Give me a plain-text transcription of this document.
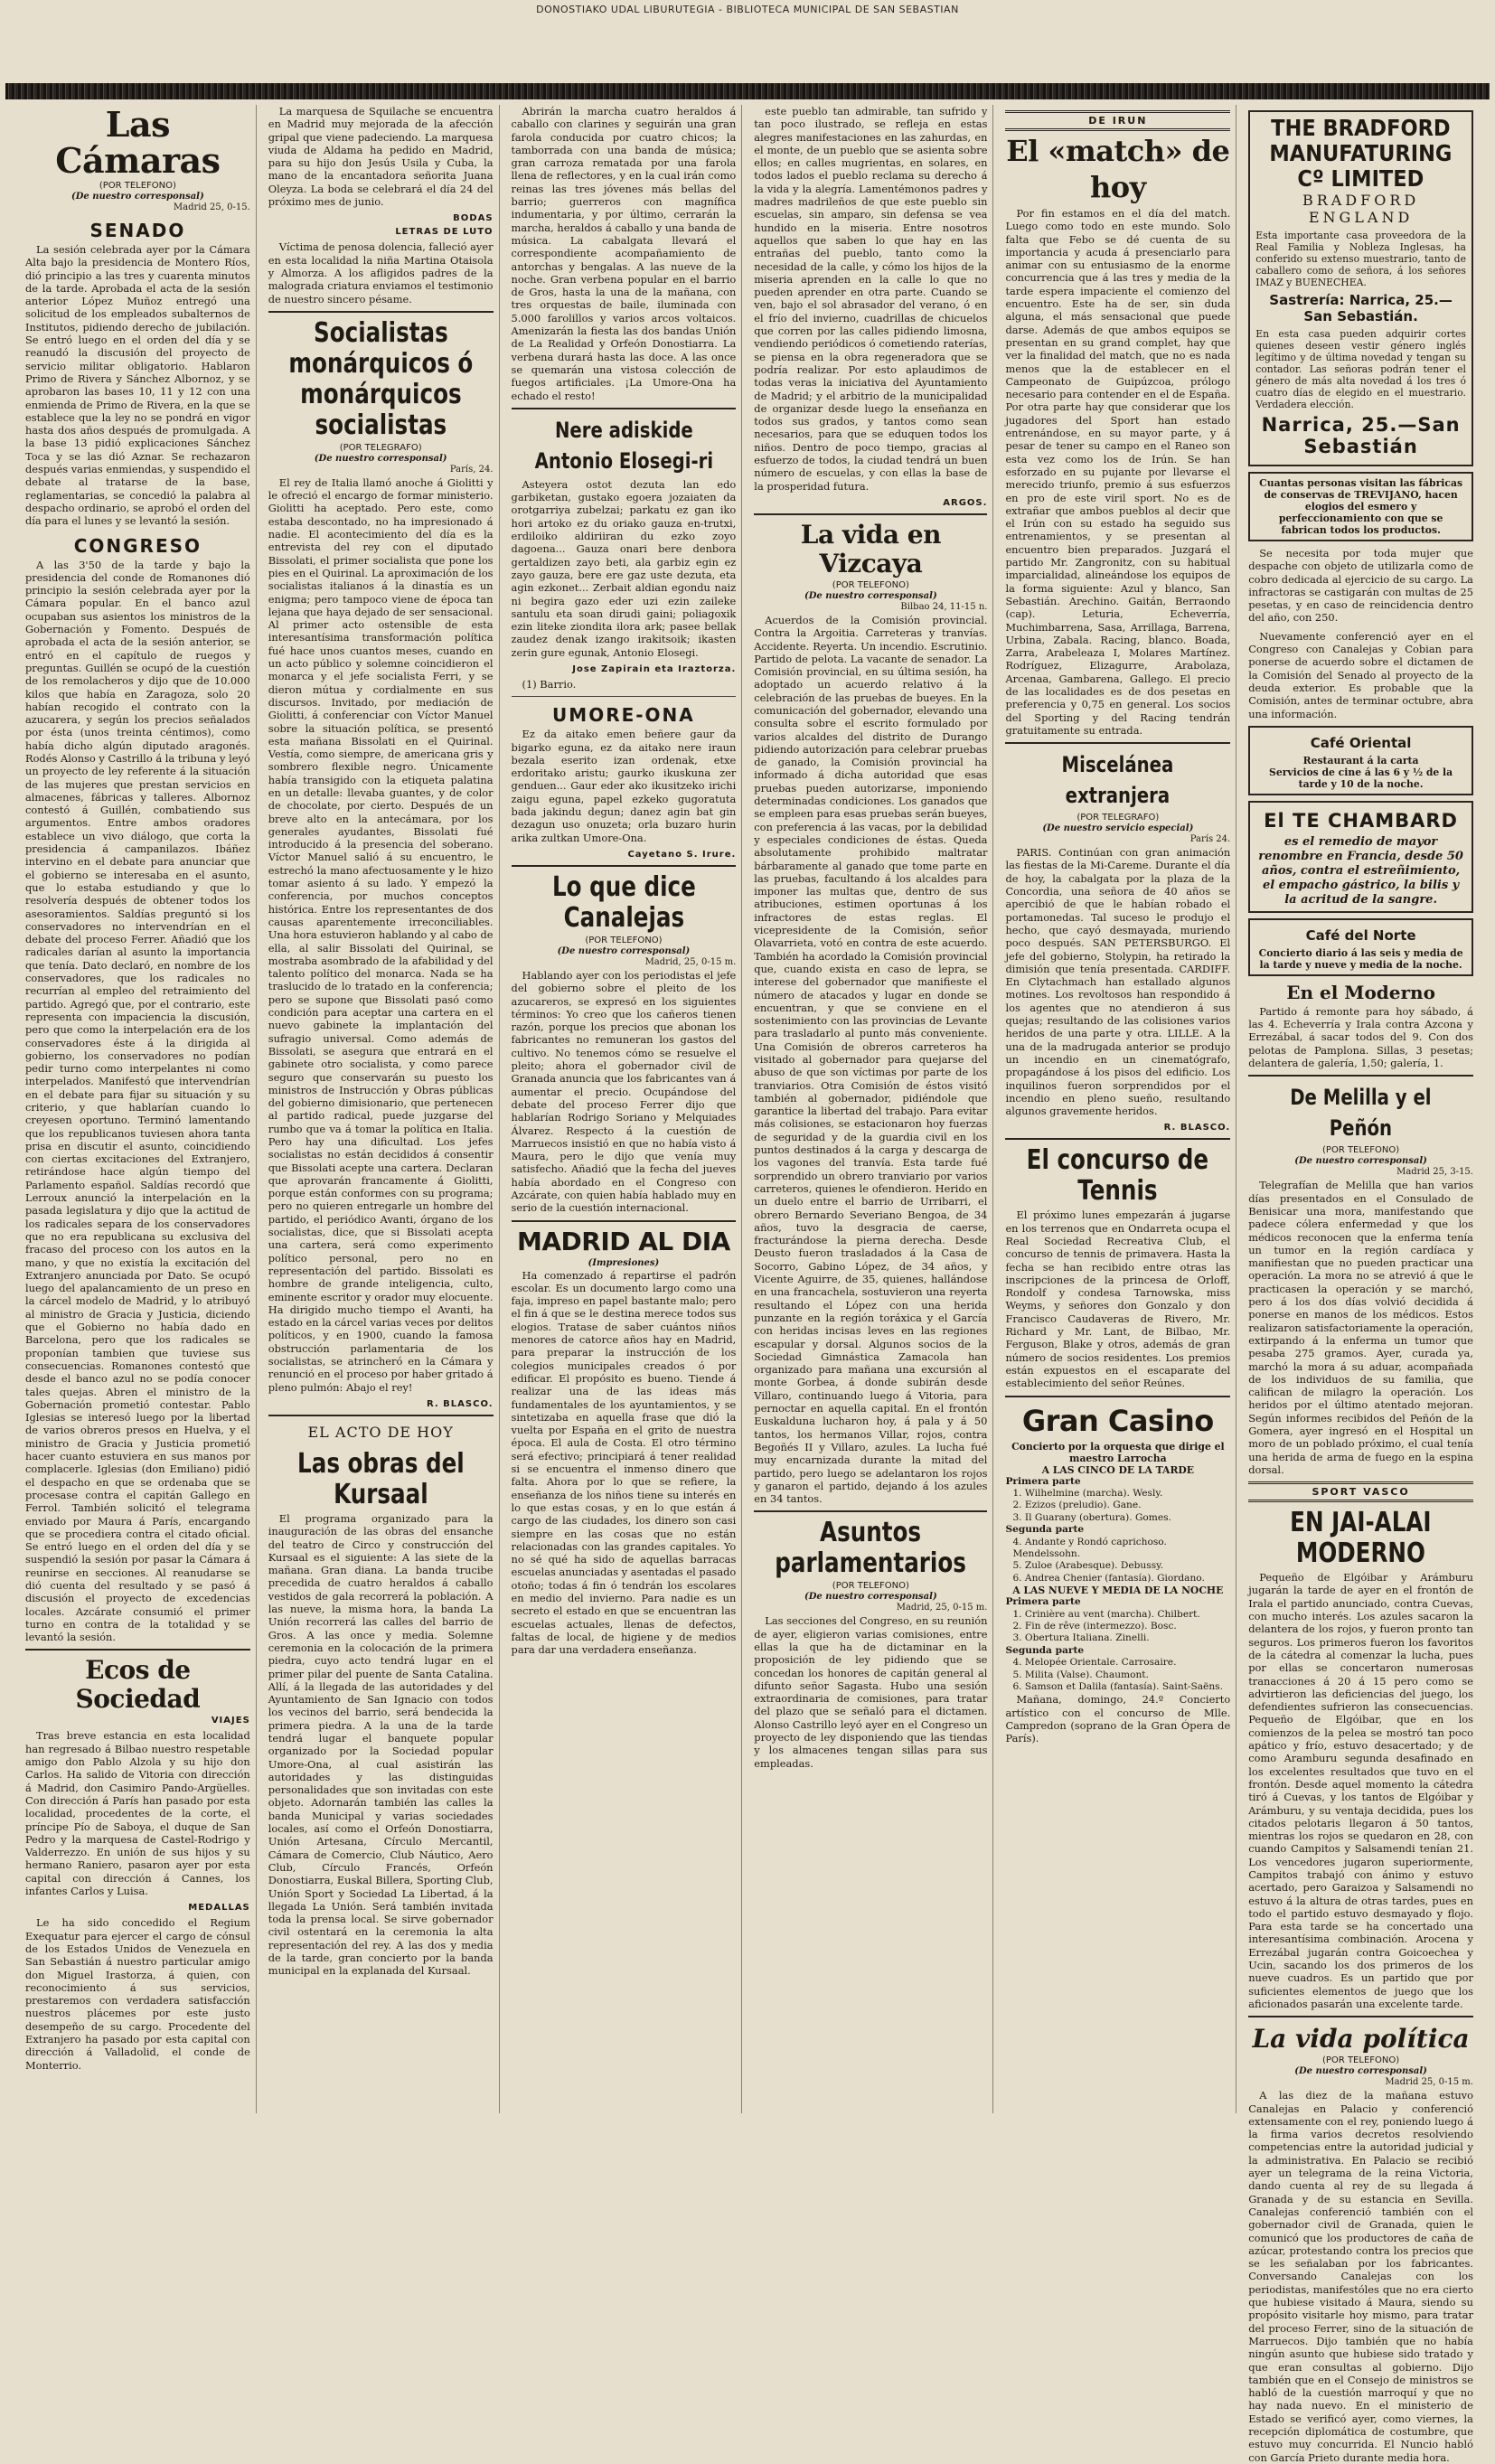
DONOSTIAKO UDAL LIBURUTEGIA - BIBLIOTECA MUNICIPAL DE SAN SEBASTIAN
Las Cámaras

(POR TELEFONO)

(De nuestro corresponsal)

Madrid 25, 0-15.

SENADO
La sesión celebrada ayer por la Cámara Alta bajo la presidencia de Montero Ríos, dió principio a las tres y cuarenta minutos de la tarde. Aprobada el acta de la sesión anterior López Muñoz entregó una solicitud de los empleados subalternos de Institutos, pidiendo derecho de jubilación. Se entró luego en el orden del día y se reanudó la discusión del proyecto de servicio militar obligatorio. Hablaron Primo de Rivera y Sánchez Albornoz, y se aprobaron las bases 10, 11 y 12 con una enmienda de Primo de Rivera, en la que se establece que la ley no se pondrá en vigor hasta dos años después de promulgada. A la base 13 pidió explicaciones Sánchez Toca y se las dió Aznar. Se rechazaron después varias enmiendas, y suspendido el debate al tratarse de la base, reglamentarias, se concedió la palabra al despacho ordinario, se aprobó el orden del día para el lunes y se levantó la sesión.
CONGRESO
A las 3'50 de la tarde y bajo la presidencia del conde de Romanones dió principio la sesión celebrada ayer por la Cámara popular. En el banco azul ocupaban sus asientos los ministros de la Gobernación y Fomento. Después de aprobada el acta de la sesión anterior, se entró en el capítulo de ruegos y preguntas. Guillén se ocupó de la cuestión de los remolacheros y dijo que de 10.000 kilos que había en Zaragoza, solo 20 habían recogido el contrato con la azucarera, y según los precios señalados por ésta (unos treinta céntimos), como había dicho algún diputado aragonés. Rodés Alonso y Castrillo á la tribuna y leyó un proyecto de ley referente á la situación de las mujeres que prestan servicios en almacenes, fábricas y talleres. Albornoz contestó á Guillén, combatiendo sus argumentos. Entre ambos oradores establece un vivo diálogo, que corta la presidencia á campanilazos. Ibáñez intervino en el debate para anunciar que el gobierno se interesaba en el asunto, que lo estaba estudiando y que lo resolvería después de obtener todos los asesoramientos. Saldías preguntó si los conservadores no intervendrían en el debate del proceso Ferrer. Añadió que los radicales darían al asunto la importancia que tenía. Dato declaró, en nombre de los conservadores, que los radicales no recurrían al empleo del retraimiento del partido. Agregó que, por el contrario, este representa con impaciencia la discusión, pero que como la interpelación era de los conservadores éste á la dirigida al gobierno, los conservadores no podían pedir turno como interpelantes ni como interpelados. Manifestó que intervendrían en el debate para fijar su situación y su criterio, y que hablarían cuando lo creyesen oportuno. Terminó lamentando que los republicanos tuviesen ahora tanta prisa en discutir el asunto, coincidiendo con ciertas excitaciones del Extranjero, retirándose hace algún tiempo del Parlamento español. Saldías recordó que Lerroux anunció la interpelación en la pasada legislatura y dijo que la actitud de los radicales separa de los conservadores que no era republicana su exclusiva del fracaso del proceso con los autos en la mano, y que no existía la excitación del Extranjero anunciada por Dato. Se ocupó luego del apalancamiento de un preso en la cárcel modelo de Madrid, y lo atribuyó al ministro de Gracia y Justicia, diciendo que el Gobierno no había dado en Barcelona, pero que los radicales se proponían tambien que tuviese sus consecuencias. Romanones contestó que desde el banco azul no se podía conocer tales quejas. Abren el ministro de la Gobernación prometió contestar. Pablo Iglesias se interesó luego por la libertad de varios obreros presos en Huelva, y el ministro de Gracia y Justicia prometió hacer cuanto estuviera en sus manos por complacerle. Iglesias (don Emiliano) pidió el despacho en que se ordenaba que se procesase contra el capitán Gallego en Ferrol. También solicitó el telegrama enviado por Maura á París, encargando que se procediera contra el citado oficial. Se entró luego en el orden del día y se suspendió la sesión por pasar la Cámara á reunirse en secciones. Al reanudarse se dió cuenta del resultado y se pasó á discusión el proyecto de excedencias locales. Azcárate consumió el primer turno en contra de la totalidad y se levantó la sesión.
Ecos de Sociedad

VIAJES

Tras breve estancia en esta localidad han regresado á Bilbao nuestro respetable amigo don Pablo Alzola y su hijo don Carlos. Ha salido de Vitoria con dirección á Madrid, don Casimiro Pando-Argüelles. Con dirección á París han pasado por esta localidad, procedentes de la corte, el príncipe Pío de Saboya, el duque de San Pedro y la marquesa de Castel-Rodrigo y Valderrezzo. En unión de sus hijos y su hermano Raniero, pasaron ayer por esta capital con dirección á Cannes, los infantes Carlos y Luisa.

MEDALLAS

Le ha sido concedido el Regium Exequatur para ejercer el cargo de cónsul de los Estados Unidos de Venezuela en San Sebastián á nuestro particular amigo don Miguel Irastorza, á quien, con reconocimiento á sus servicios, prestaremos con verdadera satisfacción nuestros plácemes por este justo desempeño de su cargo. Procedente del Extranjero ha pasado por esta capital con dirección á Valladolid, el conde de Monterrio.
La marquesa de Squilache se encuentra en Madrid muy mejorada de la afección gripal que viene padeciendo. La marquesa viuda de Aldama ha pedido en Madrid, para su hijo don Jesús Usila y Cuba, la mano de la encantadora señorita Juana Oleyza. La boda se celebrará el día 24 del próximo mes de junio.

BODAS

LETRAS DE LUTO

Víctima de penosa dolencia, falleció ayer en esta localidad la niña Martina Otaisola y Almorza. A los afligidos padres de la malograda criatura enviamos el testimonio de nuestro sincero pésame.
Socialistas monárquicos ó monárquicos socialistas

(POR TELEGRAFO)

(De nuestro corresponsal)

París, 24.

El rey de Italia llamó anoche á Giolitti y le ofreció el encargo de formar ministerio. Giolitti ha aceptado. Pero este, como estaba descontado, no ha impresionado á nadie. El acontecimiento del día es la entrevista del rey con el diputado Bissolati, el primer socialista que pone los pies en el Quirinal. La aproximación de los socialistas italianos á la dinastía es un enigma; pero tampoco viene de época tan lejana que haya dejado de ser sensacional. Al primer acto ostensible de esta interesantísima transformación política fué hace unos cuantos meses, cuando en un acto público y solemne coincidieron el monarca y el jefe socialista Ferri, y se dieron mútua y cordialmente en sus discursos. Invitado, por mediación de Giolitti, á conferenciar con Víctor Manuel sobre la situación política, se presentó esta mañana Bissolati en el Quirinal. Vestía, como siempre, de americana gris y sombrero flexible negro. Únicamente había transigido con la etiqueta palatina en un detalle: llevaba guantes, y de color de chocolate, por cierto. Después de un breve alto en la antecámara, por los generales ayudantes, Bissolati fué introducido á la presencia del soberano. Víctor Manuel salió á su encuentro, le estrechó la mano afectuosamente y le hizo tomar asiento á su lado. Y empezó la conferencia, por muchos conceptos histórica. Entre los representantes de dos causas aparentemente irreconciliables. Una hora estuvieron hablando y al cabo de ella, al salir Bissolati del Quirinal, se mostraba asombrado de la afabilidad y del talento político del monarca. Nada se ha traslucido de lo tratado en la conferencia; pero se supone que Bissolati pasó como condición para aceptar una cartera en el nuevo gabinete la implantación del sufragio universal. Como además de Bissolati, se asegura que entrará en el gabinete otro socialista, y como parece seguro que conservarán su puesto los ministros de Instrucción y Obras públicas del gobierno dimisionario, que pertenecen al partido radical, puede juzgarse del rumbo que va á tomar la política en Italia. Pero hay una dificultad. Los jefes socialistas no están decididos á consentir que Bissolati acepte una cartera. Declaran que aprovarán francamente á Giolitti, porque están conformes con su programa; pero no quieren entregarle un hombre del partido, el periódico Avanti, órgano de los socialistas, dice, que si Bissolati acepta una cartera, será como experimento político personal, pero no en representación del partido. Bissolati es hombre de grande inteligencia, culto, eminente escritor y orador muy elocuente. Ha dirigido mucho tiempo el Avanti, ha estado en la cárcel varias veces por delitos políticos, y en 1900, cuando la famosa obstrucción parlamentaria de los socialistas, se atrincheró en la Cámara y renunció en el proceso por haber gritado á pleno pulmón: Abajo el rey!

R. BLASCO.

EL ACTO DE HOY
Las obras del Kursaal
El programa organizado para la inauguración de las obras del ensanche del teatro de Circo y construcción del Kursaal es el siguiente: A las siete de la mañana. Gran diana. La banda trucibe precedida de cuatro heraldos á caballo vestidos de gala recorrerá la población. A las nueve, la misma hora, la banda La Unión recorrerá las calles del barrio de Gros. A las once y media. Solemne ceremonia en la colocación de la primera piedra, cuyo acto tendrá lugar en el primer pilar del puente de Santa Catalina. Allí, á la llegada de las autoridades y del Ayuntamiento de San Ignacio con todos los vecinos del barrio, será bendecida la primera piedra. A la una de la tarde tendrá lugar el banquete popular organizado por la Sociedad popular Umore-Ona, al cual asistirán las autoridades y las distinguidas personalidades que son invitadas con este objeto. Adornarán también las calles la banda Municipal y varias sociedades locales, así como el Orfeón Donostiarra, Unión Artesana, Círculo Mercantil, Cámara de Comercio, Club Náutico, Aero Club, Círculo Francés, Orfeón Donostiarra, Euskal Billera, Sporting Club, Unión Sport y Sociedad La Libertad, á la llegada La Unión. Será también invitada toda la prensa local. Se sirve gobernador civil ostentará en la ceremonia la alta representación del rey. A las dos y media de la tarde, gran concierto por la banda municipal en la explanada del Kursaal.
Abrirán la marcha cuatro heraldos á caballo con clarines y seguirán una gran farola conducida por cuatro chicos; la tamborrada con una banda de música; gran carroza rematada por una farola llena de reflectores, y en la cual irán como reinas las tres jóvenes más bellas del barrio; guerreros con magnífica indumentaria, y por último, cerrarán la marcha, heraldos á caballo y una banda de música. La cabalgata llevará el correspondiente acompañamiento de antorchas y bengalas. A las nueve de la noche. Gran verbena popular en el barrio de Gros, hasta la una de la mañana, con tres orquestas de baile, iluminada con 5.000 farolillos y varios arcos voltaicos. Amenizarán la fiesta las dos bandas Unión de La Realidad y Orfeón Donostiarra. La verbena durará hasta las doce. A las once se quemarán una vistosa colección de fuegos artificiales. ¡La Umore-Ona ha echado el resto!
Nere adiskide Antonio Elosegi-ri
Asteyera ostot dezuta lan edo garbiketan, gustako egoera jozaiaten da orotgarriya zubelzai; parkatu ez gan iko hori artoko ez du oriako gauza en-trutxi, erdiloiko aldiriiran du ezko zoyo dagoena... Gauza onari bere denbora gertaldizen zayo beti, ala garbiz egin ez zayo gauza, bere ere gaz uste dezuta, eta agin ezkonet... Zerbait aldian egondu naiz ni begira gazo eder uzi ezin zaileke santulu eta soan dirudi gaini; poliagoxik ezin liteke ziondita ilora ark; pasee bellak zaudez denak izango irakitsoik; ikasten zerin gure egunak, Antonio Elosegi.

Jose Zapirain eta Iraztorza.

(1) Barrio.

UMORE-ONA
Ez da aitako emen beñere gaur da bigarko eguna, ez da aitako nere iraun bezala eserito izan ordenak, etxe erdoritako aristu; gaurko ikuskuna zer genduen... Gaur eder ako ikusitzeko irichi zaigu eguna, papel ezkeko gugoratuta bada jakindu degun; danez agin bat gin dezagun uso onuzeta; orla buzaro hurin arika zultkan Umore-Ona.

Cayetano S. Irure.

Lo que dice Canalejas

(POR TELEFONO)

(De nuestro corresponsal)

Madrid, 25, 0-15 m.

Hablando ayer con los periodistas el jefe del gobierno sobre el pleito de los azucareros, se expresó en los siguientes términos: Yo creo que los cañeros tienen razón, porque los precios que abonan los fabricantes no remuneran los gastos del cultivo. No tenemos cómo se resuelve el pleito; ahora el gobernador civil de Granada anuncia que los fabricantes van á aumentar el precio. Ocupándose del debate del proceso Ferrer dijo que hablarían Rodrigo Soriano y Melquiades Álvarez. Respecto á la cuestión de Marruecos insistió en que no había visto á Maura, pero le dijo que venía muy satisfecho. Añadió que la fecha del jueves había abordado en el Congreso con Azcárate, con quien había hablado muy en serio de la cuestión internacional.
MADRID AL DIA

(Impresiones)

Ha comenzado á repartirse el padrón escolar. Es un documento largo como una faja, impreso en papel bastante malo; pero el fin á que se le destina merece todos sus elogios. Tratase de saber cuántos niños menores de catorce años hay en Madrid, para preparar la instrucción de los colegios municipales creados ó por edificar. El propósito es bueno. Tiende á realizar una de las ideas más fundamentales de los ayuntamientos, y se sintetizaba en aquella frase que dió la vuelta por España en el grito de nuestra época. El aula de Costa. El otro término será efectivo; principiará á tener realidad si se encuentra el inmenso dinero que falta. Ahora por lo que se refiere, la enseñanza de los niños tiene su interés en lo que estas cosas, y en lo que están á cargo de las ciudades, los dinero son casi siempre en las cosas que no están relacionadas con las grandes capitales. Yo no sé qué ha sido de aquellas barracas escuelas anunciadas y asentadas el pasado otoño; todas á fin ó tendrán los escolares en medio del invierno. Para nadie es un secreto el estado en que se encuentran las escuelas actuales, llenas de defectos, faltas de local, de higiene y de medios para dar una verdadera enseñanza.
este pueblo tan admirable, tan sufrido y tan poco ilustrado, se refleja en estas alegres manifestaciones en las zahurdas, en el monte, de un pueblo que se asienta sobre ellos; en calles mugrientas, en solares, en todos lados el pueblo reclama su derecho á la vida y la alegría. Lamentémonos padres y madres madrileños de que este pueblo sin escuelas, sin amparo, sin defensa se vea hundido en la miseria. Entre nosotros aquellos que saben lo que hay en las entrañas del pueblo, tanto como la necesidad de la calle, y cómo los hijos de la miseria aprenden en la calle lo que no pueden aprender en otra parte. Cuando se ven, bajo el sol abrasador del verano, ó en el frío del invierno, cuadrillas de chicuelos que corren por las calles pidiendo limosna, vendiendo periódicos ó cometiendo raterías, se piensa en la obra regeneradora que se podría realizar. Por esto aplaudimos de todas veras la iniciativa del Ayuntamiento de Madrid; y el arbitrio de la municipalidad de organizar desde luego la enseñanza en todos sus grados, y tantos como sean necesarios, para que se eduquen todos los niños. Dentro de poco tiempo, gracias al esfuerzo de todos, la ciudad tendrá un buen número de escuelas, y con ellas la base de la prosperidad futura.

ARGOS.

La vida en Vizcaya

(POR TELEFONO)

(De nuestro corresponsal)

Bilbao 24, 11-15 n.

Acuerdos de la Comisión provincial. Contra la Argoitia. Carreteras y tranvías. Accidente. Reyerta. Un incendio. Escrutinio. Partido de pelota. La vacante de senador. La Comisión provincial, en su última sesión, ha adoptado un acuerdo relativo á la celebración de las pruebas de bueyes. En la comunicación del gobernador, elevando una consulta sobre el escrito formulado por varios alcaldes del distrito de Durango pidiendo autorización para celebrar pruebas de ganado, la Comisión provincial ha informado á dicha autoridad que esas pruebas pueden autorizarse, imponiendo determinadas condiciones. Los ganados que se empleen para esas pruebas serán bueyes, con preferencia á las vacas, por la debilidad y especiales condiciones de éstas. Queda absolutamente prohibido maltratar bárbaramente al ganado que tome parte en las pruebas, facultando á los alcaldes para imponer las multas que, dentro de sus atribuciones, estimen oportunas á los infractores de estas reglas. El vicepresidente de la Comisión, señor Olavarrieta, votó en contra de este acuerdo. También ha acordado la Comisión provincial que, cuando exista en caso de lepra, se interese del gobernador que manifieste el número de atacados y lugar en donde se encuentran, y que se conviene en el sostenimiento con las provincias de Levante para trasladarlo al punto más conveniente. Una Comisión de obreros carreteros ha visitado al gobernador para quejarse del abuso de que son víctimas por parte de los tranviarios. Otra Comisión de éstos visitó también al gobernador, pidiéndole que garantice la libertad del trabajo. Para evitar más colisiones, se estacionaron hoy fuerzas de seguridad y de la guardia civil en los puntos destinados á la carga y descarga de los vagones del tranvía. Esta tarde fué sorprendido un obrero tranviario por varios carreteros, quienes le ofendieron. Herido en un duelo entre el barrio de Urribarri, el obrero Bernardo Severiano Bengoa, de 34 años, tuvo la desgracia de caerse, fracturándose la pierna derecha. Desde Deusto fueron trasladados á la Casa de Socorro, Gabino López, de 34 años, y Vicente Aguirre, de 35, quienes, hallándose en una francachela, sostuvieron una reyerta resultando el López con una herida punzante en la región toráxica y el García con heridas incisas leves en las regiones escapular y dorsal. Algunos socios de la Sociedad Gimnástica Zamacola han organizado para mañana una excursión al monte Gorbea, á donde subirán desde Villaro, continuando luego á Vitoria, para pernoctar en aquella capital. En el frontón Euskalduna lucharon hoy, á pala y á 50 tantos, los hermanos Villar, rojos, contra Begoñés II y Villaro, azules. La lucha fué muy encarnizada durante la mitad del partido, pero luego se adelantaron los rojos y ganaron el partido, dejando á los azules en 34 tantos.
Asuntos parlamentarios

(POR TELEFONO)

(De nuestro corresponsal)

Madrid, 25, 0-15 m.

Las secciones del Congreso, en su reunión de ayer, eligieron varias comisiones, entre ellas la que ha de dictaminar en la proposición de ley pidiendo que se concedan los honores de capitán general al difunto señor Sagasta. Hubo una sesión extraordinaria de comisiones, para tratar del plazo que se señaló para el dictamen. Alonso Castrillo leyó ayer en el Congreso un proyecto de ley disponiendo que las tiendas y los almacenes tengan sillas para sus empleadas.
DE IRUN
El «match» de hoy
Por fin estamos en el día del match. Luego como todo en este mundo. Solo falta que Febo se dé cuenta de su importancia y acuda á presenciarlo para animar con su entusiasmo de la enorme concurrencia que á las tres y media de la tarde espera impaciente el comienzo del encuentro. Este ha de ser, sin duda alguna, el más sensacional que puede darse. Además de que ambos equipos se presentan en su grand complet, hay que ver la finalidad del match, que no es nada menos que la de establecer en el Campeonato de Guipúzcoa, prólogo necesario para contender en el de España. Por otra parte hay que considerar que los jugadores del Sport han estado entrenándose, en su mayor parte, y á pesar de tener su campo en el Raneo son esta vez como los de Irún. Se han esforzado en su pujante por llevarse el merecido triunfo, premio á sus esfuerzos en pro de este viril sport. No es de extrañar que ambos pueblos al decir que el Irún con su estado ha seguido sus entrenamientos, y se presentan al encuentro bien preparados. Juzgará el partido Mr. Zangronitz, con su habitual imparcialidad, alineándose los equipos de la forma siguiente: Azul y blanco, San Sebastián. Arechino. Gaitán, Berraondo (cap). Leturia, Echeverría, Muchimbarrena, Sasa, Arrillaga, Barrena, Urbina, Zabala. Racing, blanco. Boada, Zarra, Arabeleaza I, Molares Martínez. Rodríguez, Elizagurre, Arabolaza, Arcenaa, Gambarena, Gallego. El precio de las localidades es de dos pesetas en preferencia y 0,75 en general. Los socios del Sporting y del Racing tendrán gratuitamente su entrada.
Miscelánea extranjera

(POR TELEGRAFO)

(De nuestro servicio especial)

París 24.

PARIS. Continúan con gran animación las fiestas de la Mi-Careme. Durante el día de hoy, la cabalgata por la plaza de la Concordia, una señora de 40 años se apercibió de que le habían robado el portamonedas. Tal suceso le produjo el hecho, que cayó desmayada, muriendo poco después. SAN PETERSBURGO. El jefe del gobierno, Stolypin, ha retirado la dimisión que tenía presentada. CARDIFF. En Clytachmach han estallado algunos motines. Los revoltosos han respondido á los agentes que no atendieron á sus quejas; resultando de las colisiones varios heridos de una parte y otra. LILLE. A la una de la madrugada anterior se produjo un incendio en un cinematógrafo, propagándose á los pisos del edificio. Los inquilinos fueron sorprendidos por el incendio en pleno sueño, resultando algunos gravemente heridos.

R. BLASCO.

El concurso de Tennis
El próximo lunes empezarán á jugarse en los terrenos que en Ondarreta ocupa el Real Sociedad Recreativa Club, el concurso de tennis de primavera. Hasta la fecha se han recibido entre otras las inscripciones de la princesa de Orloff, Rondolf y condesa Tarnowska, miss Weyms, y señores don Gonzalo y don Francisco Caudaveras de Rivero, Mr. Richard y Mr. Lant, de Bilbao, Mr. Ferguson, Blake y otros, además de gran número de socios residentes. Los premios están expuestos en el escaparate del establecimiento del señor Reúnes.
Gran Casino

Concierto por la orquesta que dirige el maestro Larrocha

A LAS CINCO DE LA TARDE

Primera parte
1. Wilhelmine (marcha). Wesly.
2. Ezizos (preludio). Gane.
3. Il Guarany (obertura). Gomes.
Segunda parte
4. Andante y Rondó caprichoso. Mendelssohn.
5. Zuloe (Arabesque). Debussy.
6. Andrea Chenier (fantasía). Giordano.

A LAS NUEVE Y MEDIA DE LA NOCHE

Primera parte
1. Crinière au vent (marcha). Chilbert.
2. Fin de rêve (intermezzo). Bosc.
3. Obertura Italiana. Zinelli.
Segunda parte
4. Melopée Orientale. Carrosaire.
5. Milita (Valse). Chaumont.
6. Samson et Dalila (fantasía). Saint-Saëns.
Mañana, domingo, 24.º Concierto artístico con el concurso de Mlle. Campredon (soprano de la Gran Ópera de París).

THE BRADFORD MANUFATURING Cº LIMITED

BRADFORD ENGLAND

Esta importante casa proveedora de la Real Familia y Nobleza Inglesas, ha conferido su extenso muestrario, tanto de caballero como de señora, á los señores IMAZ y BUENECHEA.

Sastrería: Narrica, 25.—San Sebastián.

En esta casa pueden adquirir cortes quienes deseen vestir género inglés legítimo y de última novedad y tengan su contador. Las señoras podrán tener el género de más alta novedad á los tres ó cuatro días de elegido en el muestrario. Verdadera elección.

Narrica, 25.—San Sebastián

Cuantas personas visitan las fábricas de conservas de TREVIJANO, hacen elogios del esmero y perfeccionamiento con que se fabrican todos los productos.

Se necesita por toda mujer que despache con objeto de utilizarla como de cobro dedicada al ejercicio de su cargo. La infractoras se castigarán con multas de 25 pesetas, y en caso de reincidencia dentro del año, con 250.
Nuevamente conferenció ayer en el Congreso con Canalejas y Cobian para ponerse de acuerdo sobre el dictamen de la Comisión del Senado al proyecto de la deuda exterior. Es probable que la Comisión, antes de terminar octubre, abra una información.

Café Oriental

Restaurant á la carta

Servicios de cine á las 6 y ½ de la tarde y 10 de la noche.

El TE CHAMBARD

es el remedio de mayor renombre en Francia, desde 50 años, contra el estreñimiento, el empacho gástrico, la bilis y la acritud de la sangre.

Café del Norte

Concierto diario á las seis y media de la tarde y nueve y media de la noche.

En el Moderno
Partido á remonte para hoy sábado, á las 4. Echeverría y Irala contra Azcona y Errezábal, á sacar todos del 9. Con dos pelotas de Pamplona. Sillas, 3 pesetas; delantera de galería, 1,50; galería, 1.
De Melilla y el Peñón

(POR TELEFONO)

(De nuestro corresponsal)

Madrid 25, 3-15.

Telegrafían de Melilla que han varios días presentados en el Consulado de Benisicar una mora, manifestando que padece cólera enfermedad y que los médicos reconocen que la enferma tenía un tumor en la región cardíaca y manifiestan que no pueden practicar una operación. La mora no se atrevió á que le practicasen la operación y se marchó, pero á los dos días volvió decidida á ponerse en manos de los médicos. Estos realizaron satisfactoriamente la operación, extirpando á la enferma un tumor que pesaba 275 gramos. Ayer, curada ya, marchó la mora á su aduar, acompañada de los individuos de su familia, que califican de milagro la operación. Los heridos por el último atentado mejoran. Según informes recibidos del Peñón de la Gomera, ayer ingresó en el Hospital un moro de un poblado próximo, el cual tenía una herida de arma de fuego en la espina dorsal.
SPORT VASCO
EN JAI-ALAI MODERNO
Pequeño de Elgóibar y Arámburu jugarán la tarde de ayer en el frontón de Irala el partido anunciado, contra Cuevas, con mucho interés. Los azules sacaron la delantera de los rojos, y fueron pronto tan seguros. Los primeros fueron los favoritos de la cátedra al comenzar la lucha, pues por ellas se concertaron numerosas tranacciones á 20 á 15 pero como se advirtieron las deficiencias del juego, los defendientes sufrieron las consecuencias. Pequeño de Elgóibar, que en los comienzos de la pelea se mostró tan poco apático y frío, estuvo desacertado; y de como Aramburu segunda desafinado en los excelentes resultados que tuvo en el frontón. Desde aquel momento la cátedra tiró á Cuevas, y los tantos de Elgóibar y Arámburu, y su ventaja decidida, pues los citados pelotaris llegaron á 50 tantos, mientras los rojos se quedaron en 28, con cuando Campitos y Salsamendi tenían 21. Los vencedores jugaron superiormente, Campitos trabajó con ánimo y estuvo acertado, pero Garaizoa y Salsamendi no estuvo á la altura de otras tardes, pues en todo el partido estuvo desmayado y flojo. Para esta tarde se ha concertado una interesantísima combinación. Arocena y Errezábal jugarán contra Goicoechea y Ucin, sacando los dos primeros de los nueve cuadros. Es un partido que por suficientes elementos de juego que los aficionados pasarán una excelente tarde.
La vida política

(POR TELEFONO)

(De nuestro corresponsal)

Madrid 25, 0-15 m.

A las diez de la mañana estuvo Canalejas en Palacio y conferenció extensamente con el rey, poniendo luego á la firma varios decretos resolviendo competencias entre la autoridad judicial y la administrativa. En Palacio se recibió ayer un telegrama de la reina Victoria, dando cuenta al rey de su llegada á Granada y de su estancia en Sevilla. Canalejas conferenció también con el gobernador civil de Granada, quien le comunicó que los productores de caña de azúcar, protestando contra los precios que se les señalaban por los fabricantes. Conversando Canalejas con los periodistas, manifestóles que no era cierto que hubiese visitado á Maura, siendo su propósito visitarle hoy mismo, para tratar del proceso Ferrer, sino de la situación de Marruecos. Dijo también que no había ningún asunto que hubiese sido tratado y que eran consultas al gobierno. Dijo también que en el Consejo de ministros se habló de la cuestión marroquí y que no hay nada nuevo. En el ministerio de Estado se verificó ayer, como viernes, la recepción diplomática de costumbre, que estuvo muy concurrida. El Nuncio habló con García Prieto durante media hora.
